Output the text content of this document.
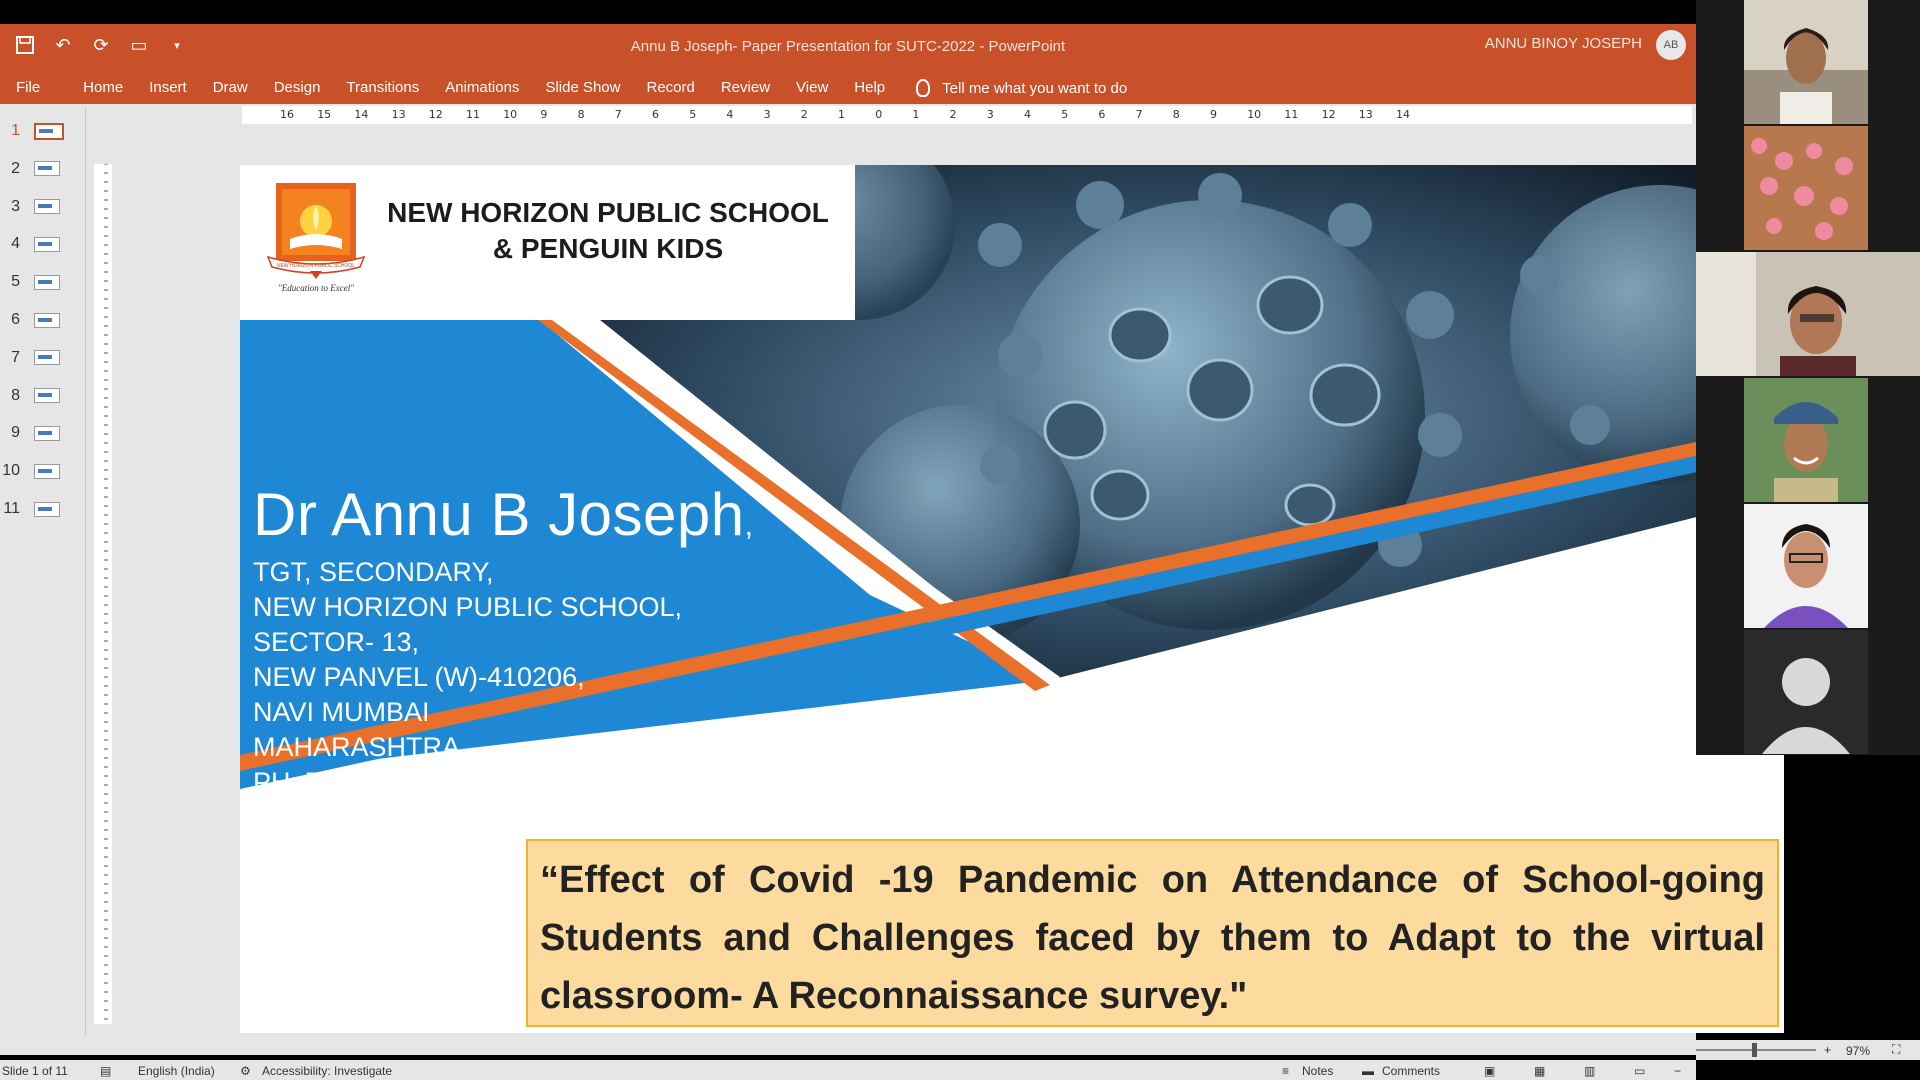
↶ ⟳ ▭	▾	Annu B Joseph- Paper Presentation for SUTC-2022 - PowerPoint	ANNU BINOY JOSEPH	AB
File	Home	Insert	Draw	Design	Transitions	Animations	Slide Show	Record	Review	View	Help	Tell me what you want to do
16 15 14 13 12 11 10 9	8	7	6	5	4	3	2	1	0	1	2	3	4	5	6	7	8	9	10 11 12 13 14
1
2
3
4
5
6
7
8
9
10
11
NEW HORIZON PUBLIC SCHOOL
"Education to Excel"
NEW HORIZON PUBLIC SCHOOL
& PENGUIN KIDS
Dr Annu B Joseph,
TGT, SECONDARY,
NEW HORIZON PUBLIC SCHOOL,
SECTOR- 13,
NEW PANVEL (W)-410206,
NAVI MUMBAI
MAHARASHTRA
PH: 7021807194
“Effect of Covid -19 Pandemic on Attendance of School-going Students and Challenges faced by them to Adapt to the virtual classroom- A Reconnaissance survey."
Slide 1 of 11	▤ English (India) ⚙ Accessibility: Investigate	≡ Notes ▬ Comments	▣	▦	▥	▭ −
+ 97% ⛶
